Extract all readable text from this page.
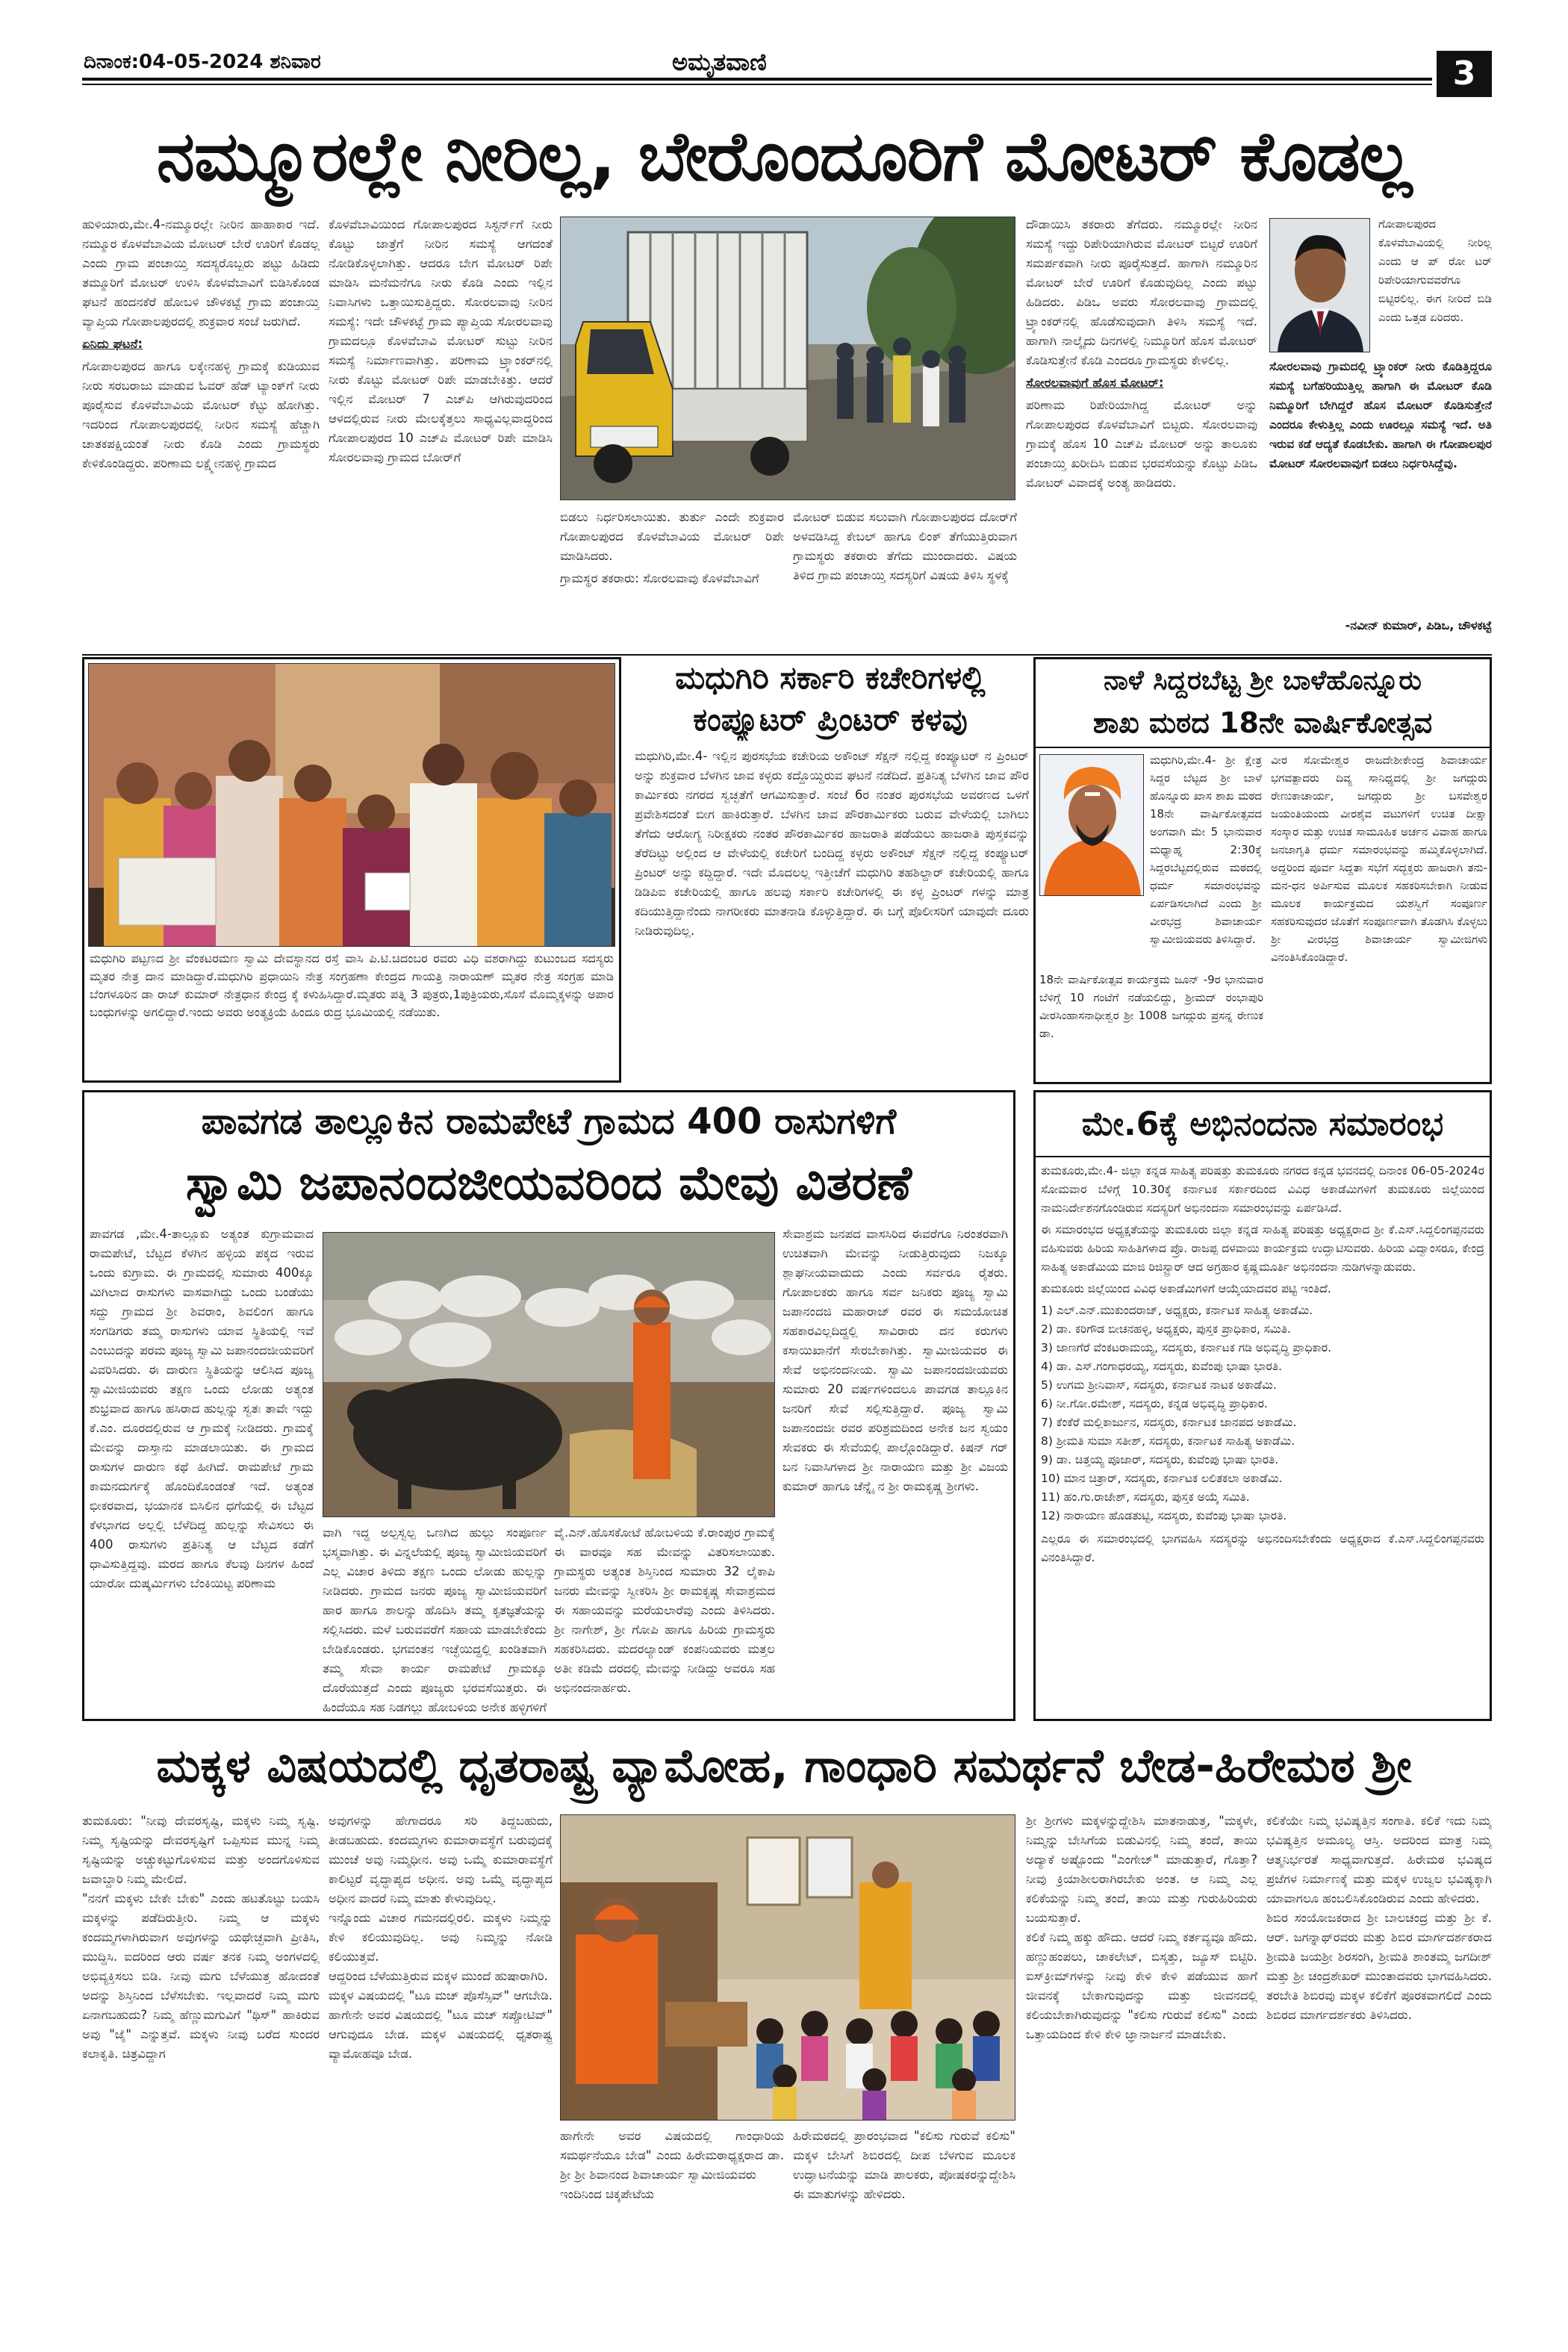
ದಿನಾಂಕ:04-05-2024 ಶನಿವಾರ	ಅಮೃತವಾಣಿ	3
ನಮ್ಮೂರಲ್ಲೇ ನೀರಿಲ್ಲ, ಬೇರೊಂದೂರಿಗೆ ಮೋಟರ್ ಕೊಡಲ್ಲ

ಹುಳಿಯಾರು,ಮೇ.4-ನಮ್ಮೂರಲ್ಲೇ ನೀರಿನ ಹಾಹಾಕಾರ ಇದೆ. ನಮ್ಮೂರ ಕೊಳವೆಬಾವಿಯ ಮೋಟರ್ ಬೇರೆ ಊರಿಗೆ ಕೊಡಲ್ಲ ಎಂದು ಗ್ರಾಮ ಪಂಚಾಯ್ತಿ ಸದಸ್ಯರೊಬ್ಬರು ಪಟ್ಟು ಹಿಡಿದು ತಮ್ಮೂರಿಗೆ ಮೋಟರ್ ಉಳಿಸಿ ಕೊಳವೆಬಾವಿಗೆ ಬಿಡಿಸಿಕೊಂಡ ಘಟನೆ ಹಂದನಕೆರೆ ಹೋಬಳಿ ಚೌಳಕಟ್ಟೆ ಗ್ರಾಮ ಪಂಚಾಯ್ತಿ ವ್ಯಾಪ್ತಿಯ ಗೋಪಾಲಪುರದಲ್ಲಿ ಶುಕ್ರವಾರ ಸಂಜೆ ಜರುಗಿದೆ.

ಏನಿದು ಘಟನೆ:

ಗೋಪಾಲಪುರದ ಹಾಗೂ ಲಕ್ಕೇನಹಳ್ಳಿ ಗ್ರಾಮಕ್ಕೆ ಕುಡಿಯುವ ನೀರು ಸರಬರಾಜು ಮಾಡುವ ಓವರ್ ಹೆಡ್ ಟ್ಯಾಂಕ್‌ಗೆ ನೀರು ಪೂರೈಸುವ ಕೊಳವೆಬಾವಿಯ ಮೋಟರ್ ಕೆಟ್ಟು ಹೋಗಿತ್ತು. ಇದರಿಂದ ಗೋಪಾಲಪುರದಲ್ಲಿ ನೀರಿನ ಸಮಸ್ಯೆ ಹೆಚ್ಚಾಗಿ ಚಾತಕಪಕ್ಷಿಯಂತೆ ನೀರು ಕೊಡಿ ಎಂದು ಗ್ರಾಮಸ್ಥರು ಕೇಳಿಕೊಂಡಿದ್ದರು. ಪರಿಣಾಮ ಲಕ್ಷ್ಮೇನಹಳ್ಳಿ ಗ್ರಾಮದ

ಕೊಳವೆಬಾವಿಯಿಂದ ಗೋಪಾಲಪುರದ ಸಿಸ್ಟರ್ನ್‌ಗೆ ನೀರು ಕೊಟ್ಟು ಜಾತ್ರೆಗೆ ನೀರಿನ ಸಮಸ್ಯೆ ಆಗದಂತೆ ನೋಡಿಕೊಳ್ಳಲಾಗಿತ್ತು. ಆದರೂ ಬೇಗ ಮೋಟರ್ ರಿಪೇ ಮಾಡಿಸಿ ಮನೆಮನೆಗೂ ನೀರು ಕೊಡಿ ಎಂದು ಇಲ್ಲಿನ ನಿವಾಸಿಗಳು ಒತ್ತಾಯಿಸುತ್ತಿದ್ದರು. ಸೋರಲವಾವು ನೀರಿನ ಸಮಸ್ಯೆ: ಇದೇ ಚೌಳಕಟ್ಟೆ ಗ್ರಾಮ ಪ್ಯಾಪ್ತಿಯ ಸೋರಲವಾವು ಗ್ರಾಮದಲ್ಲೂ ಕೊಳವೆಬಾವಿ ಮೋಟರ್ ಸುಟ್ಟು ನೀರಿನ ಸಮಸ್ಯೆ ನಿರ್ಮಾಣವಾಗಿತ್ತು. ಪರಿಣಾಮ ಟ್ರ್ಯಾಂಕರ್‌ನಲ್ಲಿ ನೀರು ಕೊಟ್ಟು ಮೋಟರ್ ರಿಪೇ ಮಾಡಬೇಕಿತ್ತು. ಆದರೆ ಇಲ್ಲಿನ ಮೋಟರ್ 7 ಎಚ್‌ಪಿ ಆಗಿರುವುದರಿಂದ ಆಳದಲ್ಲಿರುವ ನೀರು ಮೇಲಕ್ಕೆತ್ತಲು ಸಾಧ್ಯವಿಲ್ಲವಾದ್ದರಿಂದ ಗೋಪಾಲಪುರದ 10 ಎಚ್‌ಪಿ ಮೋಟರ್ ರಿಪೇ ಮಾಡಿಸಿ ಸೋರಲವಾವು ಗ್ರಾಮದ ಬೋರ್‌ಗೆ

ಬಿಡಲು ನಿರ್ಧರಿಸಲಾಯಿತು. ತುರ್ತು ಎಂದೇ ಶುಕ್ರವಾರ ಗೋಪಾಲಪುರದ ಕೊಳವೆಬಾವಿಯ ಮೋಟರ್ ರಿಪೇ ಮಾಡಿಸಿದರು.

ಗ್ರಾಮಸ್ಥರ ತಕರಾರು: ಸೋರಲವಾವು ಕೊಳವೆಬಾವಿಗೆ

ಮೋಟರ್ ಬಿಡುವ ಸಲುವಾಗಿ ಗೋಪಾಲಪುರದ ದೋರ್‌ಗೆ ಅಳವಡಿಸಿದ್ದ ಕೇಬಲ್ ಹಾಗೂ ಲಿಂಕ್ ತೆಗೆಯುತ್ತಿರುವಾಗ ಗ್ರಾಮಸ್ಥರು ತಕರಾರು ತೆಗೆದು ಮುಂದಾದರು. ವಿಷಯ ತಿಳಿದ ಗ್ರಾಮ ಪಂಚಾಯ್ತಿ ಸದಸ್ಯರಿಗೆ ವಿಷಯ ತಿಳಿಸಿ ಸ್ಥಳಕ್ಕೆ

ದೌಡಾಯಿಸಿ ತಕರಾರು ತೆಗೆದರು. ನಮ್ಮೂರಲ್ಲೇ ನೀರಿನ ಸಮಸ್ಯೆ ಇದ್ದು ರಿಪೇರಿಯಾಗಿರುವ ಮೋಟರ್ ಬಿಟ್ಟರೆ ಊರಿಗೆ ಸಮರ್ಪಕವಾಗಿ ನೀರು ಪೂರೈಸುತ್ತದೆ. ಹಾಗಾಗಿ ನಮ್ಮೂರಿನ ಮೋಟರ್ ಬೇರೆ ಊರಿಗೆ ಕೊಡುವುದಿಲ್ಲ ಎಂದು ಪಟ್ಟು ಹಿಡಿದರು. ಪಿಡಿಒ ಅವರು ಸೋರಲವಾವು ಗ್ರಾಮದಲ್ಲಿ ಟ್ರ್ಯಾಂಕರ್‌ನಲ್ಲಿ ಹೊಡೆಸುವುದಾಗಿ ತಿಳಿಸಿ ಸಮಸ್ಯೆ ಇದೆ. ಹಾಗಾಗಿ ನಾಲ್ಕೈದು ದಿನಗಳಲ್ಲಿ ನಿಮ್ಮೂರಿಗೆ ಹೊಸ ಮೋಟರ್ ಕೊಡಿಸುತ್ತೇನೆ ಕೊಡಿ ಎಂದರೂ ಗ್ರಾಮಸ್ಥರು ಕೇಳಲಿಲ್ಲ.

ಸೋರಲವಾವುಗೆ ಹೊಸ ಮೋಟರ್:

ಪರಿಣಾಮ ರಿಪೇರಿಯಾಗಿದ್ದ ಮೋಟರ್ ಅನ್ನು ಗೋಪಾಲಪುರದ ಕೊಳವೆಬಾವಿಗೆ ಬಿಟ್ಟರು. ಸೋರಲವಾವು ಗ್ರಾಮಕ್ಕೆ ಹೊಸ 10 ಎಚ್‌ಪಿ ಮೋಟರ್ ಅನ್ನು ತಾಲೂಕು ಪಂಚಾಯ್ತಿ ಖರೀದಿಸಿ ಬಿಡುವ ಭರವಸೆಯನ್ನು ಕೊಟ್ಟು ಪಿಡಿಒ ಮೋಟರ್ ವಿವಾದಕ್ಕೆ ಅಂತ್ಯ ಹಾಡಿದರು.

ಗೋಪಾಲಪುರದ ಕೊಳವೆಬಾವಿಯಲ್ಲಿ ನೀರಿಲ್ಲ ಎಂದು ಆ ಪ್ ರೋ ಟರ್ ರಿಪೇರಿಯಾಗುವವರೆಗೂ ಬಿಟ್ಟಿರಲಿಲ್ಲ. ಈಗ ನೀರಿದೆ ಬಿಡಿ ಎಂದು ಒತ್ತಡ ಏರಿದರು.

ಸೋರಲವಾವು ಗ್ರಾಮದಲ್ಲಿ ಟ್ರ್ಯಾಂಕರ್ ನೀರು ಕೊಡಿತ್ತಿದ್ದರೂ ಸಮಸ್ಯೆ ಬಗೆಹರಿಯುತ್ತಿಲ್ಲ ಹಾಗಾಗಿ ಈ ಮೋಟರ್ ಕೊಡಿ ನಿಮ್ಮೂರಿಗೆ ಬೇಗಿದ್ದರೆ ಹೊಸ ಮೋಟರ್ ಕೊಡಿಸುತ್ತೇನೆ ಎಂದರೂ ಕೇಳುತ್ತಿಲ್ಲ ಎಂದು ಊರಲ್ಲೂ ಸಮಸ್ಯೆ ಇದೆ. ಅತಿ ಇರುವ ಕಡೆ ಆದ್ಯತೆ ಕೊಡಬೇಕು. ಹಾಗಾಗಿ ಈ ಗೋಪಾಲಪುರ ಮೋಟರ್ ಸೋರಲವಾವುಗೆ ಬಿಡಲು ನಿರ್ಧರಿಸಿದ್ದೆವು.

-ನವೀನ್ ಕುಮಾರ್, ಪಿಡಿಒ, ಚೌಳಕಟ್ಟೆ
ಮಧುಗಿರಿ ಪಟ್ಟಣದ ಶ್ರೀ ವೆಂಕಟರಮಣ ಸ್ವಾಮಿ ದೇವಸ್ಥಾನದ ರಸ್ತೆ ವಾಸಿ ಪಿ.ಟಿ.ಚಿದಂಬರ ರವರು ವಿಧಿ ವಶರಾಗಿದ್ದು ಕುಟುಂಬದ ಸದಸ್ಯರು ಮೃತರ ನೇತ್ರ ದಾನ ಮಾಡಿದ್ದಾರೆ.ಮಧುಗಿರಿ ಪ್ರಧಾಯಿನಿ ನೇತ್ರ ಸಂಗ್ರಹಣಾ ಕೇಂದ್ರದ ಗಾಯತ್ರಿ ನಾರಾಯಣ್ ಮೃತರ ನೇತ್ರ ಸಂಗ್ರಹ ಮಾಡಿ ಬೆಂಗಳೂರಿನ ಡಾ ರಾಜ್ ಕುಮಾರ್ ನೇತ್ರಧಾನ ಕೇಂದ್ರ ಕ್ಕೆ ಕಳುಹಿಸಿದ್ದಾರೆ.ಮೃತರು ಪತ್ನಿ 3 ಪುತ್ರರು,1ಪುತ್ರಿಯರು,ಸೊಸೆ ಮೊಮ್ಮಕ್ಕಳನ್ನು ಅಪಾರ ಬಂಧುಗಳನ್ನು ಅಗಲಿದ್ದಾರೆ.ಇಂದು ಅವರು ಅಂತ್ಯಕ್ರಿಯೆ ಹಿಂದೂ ರುದ್ರ ಭೂಮಿಯಲ್ಲಿ ನಡೆಯಿತು.
ಮಧುಗಿರಿ ಸರ್ಕಾರಿ ಕಚೇರಿಗಳಲ್ಲಿ
ಕಂಪ್ಯೂಟರ್ ಪ್ರಿಂಟರ್ ಕಳವು
ಮಧುಗಿರಿ,ಮೇ.4- ಇಲ್ಲಿನ ಪುರಸಭೆಯ ಕಚೇರಿಯ ಅಕೌಂಟ್ ಸೆಕ್ಷನ್ ನಲ್ಲಿದ್ದ ಕಂಪ್ಯೂಟರ್ ನ ಪ್ರಿಂಟರ್ ಅನ್ನು ಶುಕ್ರವಾರ ಬೆಳಗಿನ ಜಾವ ಕಳ್ಳರು ಕದ್ದೊಯ್ದಿರುವ ಘಟನೆ ನಡೆದಿದೆ. ಪ್ರತಿನಿತ್ಯ ಬೆಳಗಿನ ಜಾವ ಪೌರ ಕಾರ್ಮಿಕರು ನಗರದ ಸ್ವಚ್ಛತೆಗೆ ಆಗಮಿಸುತ್ತಾರೆ. ಸಂಜೆ 6ರ ನಂತರ ಪುರಸಭೆಯ ಅವರಣದ ಒಳಗೆ ಪ್ರವೇಶಿಸದಂತೆ ಬೀಗ ಹಾಕಿರುತ್ತಾರೆ. ಬೆಳಗಿನ ಜಾವ ಪೌರಕಾರ್ಮಿಕರು ಬರುವ ವೇಳೆಯಲ್ಲಿ ಬಾಗಿಲು ತೆಗೆದು ಆರೋಗ್ಯ ನಿರೀಕ್ಷಕರು ನಂತರ ಪೌರಕಾರ್ಮಿಕರ ಹಾಜರಾತಿ ಪಡೆಯಲು ಹಾಜರಾತಿ ಪುಸ್ತಕವನ್ನು ತೆರೆದಿಟ್ಟು ಅಲ್ಲಿಂದ ಆ ವೇಳೆಯಲ್ಲಿ ಕಚೇರಿಗೆ ಬಂದಿದ್ದ ಕಳ್ಳರು ಅಕೌಂಟ್ ಸೆಕ್ಷನ್ ನಲ್ಲಿದ್ದ ಕಂಪ್ಯೂಟರ್ ಪ್ರಿಂಟರ್ ಅನ್ನು ಕದ್ದಿದ್ದಾರೆ. ಇದೇ ಮೊದಲಲ್ಲ ಇತ್ತೀಚೆಗೆ ಮಧುಗಿರಿ ತಹಶಿಲ್ದಾರ್ ಕಚೇರಿಯಲ್ಲಿ ಹಾಗೂ ಡಿಡಿಪಿಐ ಕಚೇರಿಯಲ್ಲಿ ಹಾಗೂ ಹಲವು ಸರ್ಕಾರಿ ಕಚೇರಿಗಳಲ್ಲಿ ಈ ಕಳ್ಳ ಪ್ರಿಂಟರ್ ಗಳನ್ನು ಮಾತ್ರ ಕದಿಯುತ್ತಿದ್ದಾನೆಂದು ನಾಗರೀಕರು ಮಾತನಾಡಿ ಕೊಳ್ಳುತ್ತಿದ್ದಾರೆ. ಈ ಬಗ್ಗೆ ಪೊಲೀಸರಿಗೆ ಯಾವುದೇ ದೂರು ನೀಡಿರುವುದಿಲ್ಲ.
ನಾಳೆ ಸಿದ್ದರಬೆಟ್ಟ ಶ್ರೀ ಬಾಳೆಹೊನ್ನೂರು
ಶಾಖ ಮಠದ 18ನೇ ವಾರ್ಷಿಕೋತ್ಸವ
ಮಧುಗಿರಿ,ಮೇ.4- ಶ್ರೀ ಕ್ಷೇತ್ರ ಸಿದ್ದರ ಬೆಟ್ಟದ ಶ್ರೀ ಬಾಳೆ ಹೊನ್ನೂರು ಖಾಸ ಶಾಖ ಮಠದ 18ನೇ ವಾರ್ಷಿಕೋತ್ಸವದ ಅಂಗವಾಗಿ ಮೇ 5 ಭಾನುವಾರ ಮಧ್ಯಾಹ್ನ 2:30ಕ್ಕೆ ಸಿದ್ದರಬೆಟ್ಟದಲ್ಲಿರುವ ಮಠದಲ್ಲಿ ಧರ್ಮ ಸಮಾರಂಭವನ್ನು ಏರ್ಪಡಿಸಲಾಗಿದೆ ಎಂದು ಶ್ರೀ ವೀರಭದ್ರ ಶಿವಾಚಾರ್ಯ ಸ್ವಾಮೀಜಿಯವರು ತಿಳಿಸಿದ್ದಾರೆ.
18ನೇ ವಾರ್ಷಿಕೋತ್ಸವ ಕಾರ್ಯಕ್ರಮ ಜೂನ್ -9ರ ಭಾನುವಾರ ಬೆಳಿಗ್ಗೆ 10 ಗಂಟೆಗೆ ನಡೆಯಲಿದ್ದು, ಶ್ರೀಮದ್ ರಂಭಾಪುರಿ ವೀರಸಿಂಹಾಸನಾಧೀಶ್ವರ ಶ್ರೀ 1008 ಜಗದ್ಗುರು ಪ್ರಸನ್ನ ರೇಣುಕ ಡಾ.
ವೀರ ಸೋಮೇಶ್ವರ ರಾಜದೇಶೀಕೇಂದ್ರ ಶಿವಾಚಾರ್ಯ ಭಗವತ್ಪಾದರು ದಿವ್ಯ ಸಾನಿಧ್ಯದಲ್ಲಿ ಶ್ರೀ ಜಗದ್ಗುರು ರೇಣುಕಾಚಾರ್ಯ, ಜಗದ್ಗುರು ಶ್ರೀ ಬಸವೇಶ್ವರ ಜಯಂತಿಯಂದು ವೀರಶೈವ ವಟುಗಳಿಗೆ ಉಚಿತ ದೀಕ್ಷಾ ಸಂಸ್ಕಾರ ಮತ್ತು ಉಚಿತ ಸಾಮೂಹಿಕ ಅರ್ಚನ ವಿವಾಹ ಹಾಗೂ ಜನಜಾಗೃತಿ ಧರ್ಮ ಸಮಾರಂಭವನ್ನು ಹಮ್ಮಿಕೊಳ್ಳಲಾಗಿದೆ. ಅದ್ದರಿಂದ ಪೂರ್ವ ಸಿದ್ದತಾ ಸಭೆಗೆ ಸದ್ಭಕ್ತರು ಹಾಜರಾಗಿ ತನು-ಮನ-ಧನ ಅರ್ಪಿಸುವ ಮೂಲಕ ಸಹಕರಿಸಬೇಕಾಗಿ ನೀಡುವ ಮೂಲಕ ಕಾರ್ಯಕ್ರಮದ ಯಶಸ್ವಿಗೆ ಸಂಪೂರ್ಣ ಸಹಕರಿಸುವುದರ ಜೊತೆಗೆ ಸಂಪೂರ್ಣವಾಗಿ ತೊಡಗಿಸಿ ಕೊಳ್ಳಲು ಶ್ರೀ ವೀರಭದ್ರ ಶಿವಾಚಾರ್ಯ ಸ್ವಾಮೀಜಿಗಳು ವಿನಂತಿಸಿಕೊಂಡಿದ್ದಾರೆ.
ಪಾವಗಡ ತಾಲ್ಲೂಕಿನ ರಾಮಪೇಟೆ ಗ್ರಾಮದ 400 ರಾಸುಗಳಿಗೆ
ಸ್ವಾಮಿ ಜಪಾನಂದಜೀಯವರಿಂದ ಮೇವು ವಿತರಣೆ
ಪಾವಗಡ ,ಮೇ.4-ತಾಲ್ಲೂಕು ಅತ್ಯಂತ ಕುಗ್ರಾಮವಾದ ರಾಮಪೇಟೆ, ಬೆಟ್ಟದ ಕೆಳಗಿನ ಹಳ್ಳಿಯ ಪಕ್ಕದ ಇರುವ ಒಂದು ಕುಗ್ರಾಮ. ಈ ಗ್ರಾಮದಲ್ಲಿ ಸುಮಾರು 400ಕ್ಕೂ ಮಿಗಿಲಾದ ರಾಸುಗಳು ವಾಸವಾಗಿದ್ದು ಒಂದು ಬಂಡೆಯು ಸದ್ದು ಗ್ರಾಮದ ಶ್ರೀ ಶಿವರಾಂ, ಶಿವಲಿಂಗ ಹಾಗೂ ಸಂಗಡಿಗರು ತಮ್ಮ ರಾಸುಗಳು ಯಾವ ಸ್ಥಿತಿಯಲ್ಲಿ ಇವೆ ಎಂಬುದನ್ನು ಪರಮ ಪೂಜ್ಯ ಸ್ವಾಮಿ ಜಪಾನಂದಜೀಯವರಿಗೆ ವಿವರಿಸಿದರು. ಈ ದಾರುಣ ಸ್ಥಿತಿಯನ್ನು ಆಲಿಸಿದ ಪೂಜ್ಯ ಸ್ವಾಮೀಜಿಯವರು ತಕ್ಷಣ ಒಂದು ಲೋಡು ಅತ್ಯಂತ ಶುಭ್ರವಾದ ಹಾಗೂ ಹಸಿರಾದ ಹುಲ್ಲನ್ನು ಸ್ವತಃ ತಾವೇ ಇದ್ದು ಕೆ.ಎಂ. ದೂರದಲ್ಲಿರುವ ಆ ಗ್ರಾಮಕ್ಕೆ ನೀಡಿದರು. ಗ್ರಾಮಕ್ಕೆ ಮೇವನ್ನು ದಾಸ್ತಾನು ಮಾಡಲಾಯಿತು. ಈ ಗ್ರಾಮದ ರಾಸುಗಳ ದಾರುಣ ಕಥೆ ಹೀಗಿದೆ. ರಾಮಪೇಟೆ ಗ್ರಾಮ ಕಾಮನದುರ್ಗಕ್ಕೆ ಹೊಂದಿಕೊಂಡಂತೆ ಇದೆ. ಅತ್ಯಂತ ಭೀಕರವಾದ, ಭಯಾನಕ ಬಿಸಿಲಿನ ಧಗೆಯಲ್ಲಿ ಈ ಬೆಟ್ಟದ ಕೆಳಭಾಗದ ಅಲ್ಲಲ್ಲಿ ಬೆಳೆದಿದ್ದ ಹುಲ್ಲನ್ನು ಸೇವಿಸಲು ಈ 400 ರಾಸುಗಳು ಪ್ರತಿನಿತ್ಯ ಆ ಬೆಟ್ಟದ ಕಡೆಗೆ ಧಾವಿಸುತ್ತಿದ್ದವು. ಮರದ ಹಾಗೂ ಕೆಲವು ದಿನಗಳ ಹಿಂದೆ ಯಾರೋ ದುಷ್ಕರ್ಮಿಗಳು ಬೆಂಕಿಯಿಟ್ಟ ಪರಿಣಾಮ
ವಾಗಿ ಇದ್ದ ಅಲ್ಪಸ್ವಲ್ಪ ಒಣಗಿದ ಹುಲ್ಲು ಸಂಪೂರ್ಣ ಭಸ್ಮವಾಗಿತ್ತು. ಈ ವಿನ್ನಲೆಯಲ್ಲಿ ಪೂಜ್ಯ ಸ್ವಾಮೀಜಿಯವರಿಗೆ ಎಲ್ಲ ವಿಚಾರ ತಿಳಿದು ತಕ್ಷಣ ಒಂದು ಲೋಡು ಹುಲ್ಲನ್ನು ನೀಡಿದರು. ಗ್ರಾಮದ ಜನರು ಪೂಜ್ಯ ಸ್ವಾಮೀಜಿಯವರಿಗೆ ಹಾರ ಹಾಗೂ ಶಾಲನ್ನು ಹೊದಿಸಿ ತಮ್ಮ ಕೃತಜ್ಞತೆಯನ್ನು ಸಲ್ಲಿಸಿದರು. ಮಳೆ ಬರುವವರೆಗೆ ಸಹಾಯ ಮಾಡಬೇಕೆಂದು ಬೇಡಿಕೊಂಡರು. ಭಗವಂತನ ಇಚ್ಛೆಯಿದ್ದಲ್ಲಿ ಖಂಡಿತವಾಗಿ ತಮ್ಮ ಸೇವಾ ಕಾರ್ಯ ರಾಮಪೇಟೆ ಗ್ರಾಮಕ್ಕೂ ದೊರೆಯುತ್ತದೆ ಎಂದು ಪೂಜ್ಯರು ಭರವಸೆಯಿತ್ತರು. ಈ ಹಿಂದೆಯೂ ಸಹ ನಿಡಗಲ್ಲು ಹೋಬಳಿಯ ಅನೇಕ ಹಳ್ಳಿಗಳಿಗೆ
ವೈ.ಎನ್.ಹೊಸಕೋಟೆ ಹೋಬಳಿಯ ಕೆ.ರಾಂಪುರ ಗ್ರಾಮಕ್ಕೆ ಈ ವಾರವೂ ಸಹ ಮೇವನ್ನು ವಿತರಿಸಲಾಯಿತು. ಗ್ರಾಮಸ್ಥರು ಅತ್ಯಂತ ಶಿಸ್ತಿನಿಂದ ಸುಮಾರು 32 ಲೈಕಾಪಿ ಜನರು ಮೇವನ್ನು ಸ್ವೀಕರಿಸಿ ಶ್ರೀ ರಾಮಕೃಷ್ಣ ಸೇವಾಶ್ರಮದ ಈ ಸಹಾಯವನ್ನು ಮರೆಯಲಾರೆವು ಎಂದು ತಿಳಿಸಿದರು. ಶ್ರೀ ನಾಗೇಶ್, ಶ್ರೀ ಗೋಪಿ ಹಾಗೂ ಹಿರಿಯ ಗ್ರಾಮಸ್ಥರು ಸಹಕರಿಸಿದರು. ಮದರಲ್ಯಾಂಡ್ ಕಂಪನಿಯವರು ಮತ್ತಲ ಅತೀ ಕಡಿಮೆ ದರದಲ್ಲಿ ಮೇವನ್ನು ನೀಡಿದ್ದು ಅವರೂ ಸಹ ಅಭಿನಂದನಾರ್ಹರು.
ಸೇವಾಶ್ರಮ ಜನಪದ ವಾಸಸಿರಿದ ಈವರೆಗೂ ನಿರಂತರವಾಗಿ ಉಚಿತವಾಗಿ ಮೇವನ್ನು ನೀಡುತ್ತಿರುವುದು ನಿಜಕ್ಕೂ ಶ್ಲಾಘನೀಯವಾದುದು ಎಂದು ಸರ್ವರೂ ರೈತರು. ಗೋಪಾಲಕರು ಹಾಗೂ ಸರ್ವ ಜನಿಕರು ಪೂಜ್ಯ ಸ್ವಾಮಿ ಜಪಾನಂದಜಿ ಮಹಾರಾಜ್ ರವರ ಈ ಸಮಯೋಚಿತ ಸಹಕಾರವಿಲ್ಲದಿದ್ದಲ್ಲಿ ಸಾವಿರಾರು ದನ ಕರುಗಳು ಕಸಾಯಿಖಾನೆಗೆ ಸೇರಬೇಕಾಗಿತ್ತು. ಸ್ವಾಮೀಜಿಯವರ ಈ ಸೇವೆ ಅಭಿನಂದನೀಯ. ಸ್ವಾಮಿ ಜಪಾನಂದಜೀಯವರು ಸುಮಾರು 20 ವರ್ಷಗಳಿಂದಲೂ ಪಾವಗಡ ತಾಲ್ಲೂಕಿನ ಜನರಿಗೆ ಸೇವೆ ಸಲ್ಲಿಸುತ್ತಿದ್ದಾರೆ. ಪೂಜ್ಯ ಸ್ವಾಮಿ ಜಪಾನಂದಜೀ ರವರ ಪರಿಶ್ರಮದಿಂದ ಅನೇಕ ಜನ ಸ್ವಯಂ ಸೇವಕರು ಈ ಸೇವೆಯಲ್ಲಿ ಪಾಲ್ಗೊಂಡಿದ್ದಾರೆ. ಕಿಷನ್ ಗರ್ ಬನ ನಿವಾಸಿಗಳಾದ ಶ್ರೀ ನಾರಾಯಣ ಮತ್ತು ಶ್ರೀ ವಿಜಯ ಕುಮಾರ್ ಹಾಗೂ ಚೆನ್ನೈ ನ ಶ್ರೀ ರಾಮಕೃಷ್ಣ ಶ್ರೀಗಳು.
ಮೇ.6ಕ್ಕೆ ಅಭಿನಂದನಾ ಸಮಾರಂಭ

ತುಮಕೂರು,ಮೇ.4- ಜಿಲ್ಲಾ ಕನ್ನಡ ಸಾಹಿತ್ಯ ಪರಿಷತ್ತು ತುಮಕೂರು ನಗರದ ಕನ್ನಡ ಭವನದಲ್ಲಿ ದಿನಾಂಕ 06-05-2024ರ ಸೋಮವಾರ ಬೆಳಿಗ್ಗೆ 10.30ಕ್ಕೆ ಕರ್ನಾಟಕ ಸರ್ಕಾರದಿಂದ ವಿವಿಧ ಅಕಾಡೆಮಿಗಳಿಗೆ ತುಮಕೂರು ಜಿಲ್ಲೆಯಿಂದ ನಾಮನಿರ್ದೇಶನಗೊಂಡಿರುವ ಸದಸ್ಯರಿಗೆ ಅಭಿನಂದನಾ ಸಮಾರಂಭವನ್ನು ಏರ್ಪಡಿಸಿದೆ.

ಈ ಸಮಾರಂಭದ ಅಧ್ಯಕ್ಷತೆಯನ್ನು ತುಮಕೂರು ಜಿಲ್ಲಾ ಕನ್ನಡ ಸಾಹಿತ್ಯ ಪರಿಷತ್ತು ಅಧ್ಯಕ್ಷರಾದ ಶ್ರೀ ಕೆ.ಎಸ್.ಸಿದ್ದಲಿಂಗಪ್ಪನವರು ವಹಿಸುವರು ಹಿರಿಯ ಸಾಹಿತಿಗಳಾದ ಪ್ರೊ. ರಾಜಪ್ಪ ದಳವಾಯಿ ಕಾರ್ಯಕ್ರಮ ಉದ್ಘಾಟಿಸುವರು. ಹಿರಿಯ ವಿದ್ವಾಂಸರೂ, ಕೇಂದ್ರ ಸಾಹಿತ್ಯ ಅಕಾಡೆಮಿಯ ಮಾಜಿ ರಿಜಿಸ್ಟ್ರಾರ್ ಆದ ಅಗ್ರಹಾರ ಕೃಷ್ಣಮೂರ್ತಿ ಅಭಿನಂದನಾ ನುಡಿಗಳನ್ನಾಡುವರು.

ತುಮಕೂರು ಜಿಲ್ಲೆಯಿಂದ ವಿವಿಧ ಅಕಾಡೆಮಿಗಳಿಗೆ ಆಯ್ಕೆಯಾದವರ ಪಟ್ಟಿ ಇಂತಿದೆ.

1) ಎಲ್.ಎನ್.ಮುಕುಂದರಾಜ್, ಅಧ್ಯಕ್ಷರು, ಕರ್ನಾಟಕ ಸಾಹಿತ್ಯ ಅಕಾಡೆಮಿ.
2) ಡಾ. ಕರಿಗೌಡ ಬೀಚನಹಳ್ಳಿ, ಅಧ್ಯಕ್ಷರು, ಪುಸ್ತಕ ಪ್ರಾಧಿಕಾರ, ಸಮಿತಿ.
3) ಜಾಣಗೆರೆ ವೆಂಕಟರಾಮಯ್ಯ, ಸದಸ್ಯರು, ಕರ್ನಾಟಕ ಗಡಿ ಅಭಿವೃದ್ಧಿ ಪ್ರಾಧಿಕಾರ.
4) ಡಾ. ಎಸ್.ಗಂಗಾಧರಯ್ಯ, ಸದಸ್ಯರು, ಕುವೆಂಪು ಭಾಷಾ ಭಾರತಿ.
5) ಉಗಮ ಶ್ರೀನಿವಾಸ್, ಸದಸ್ಯರು, ಕರ್ನಾಟಕ ನಾಟಕ ಅಕಾಡೆಮಿ.
6) ನೀ.ಗೋ.ರಮೇಶ್, ಸದಸ್ಯರು, ಕನ್ನಡ ಅಭಿವೃದ್ಧಿ ಪ್ರಾಧಿಕಾರ.
7) ಕೆಂಕೆರೆ ಮಲ್ಲಿಕಾರ್ಜುನ, ಸದಸ್ಯರು, ಕರ್ನಾಟಕ ಜಾನಪದ ಅಕಾಡೆಮಿ.
8) ಶ್ರೀಮತಿ ಸುಮಾ ಸತೀಶ್, ಸದಸ್ಯರು, ಕರ್ನಾಟಕ ಸಾಹಿತ್ಯ ಅಕಾಡೆಮಿ.
9) ಡಾ. ಚಿತ್ತಯ್ಯ ಪೂಜಾರ್, ಸದಸ್ಯರು, ಕುವೆಂಪು ಭಾಷಾ ಭಾರತಿ.
10) ಮಾನ ಚಿತ್ರಾರ್, ಸದಸ್ಯರು, ಕರ್ನಾಟಕ ಲಲಿತಕಲಾ ಅಕಾಡೆಮಿ.
11) ಹಂ.ಗು.ರಾಜೇಶ್, ಸದಸ್ಯರು, ಪುಸ್ತಕ ಅಯ್ಕೆ ಸಮಿತಿ.
12) ನಾರಾಯಣ ಹೊಡತುಟ್ಟಿ, ಸದಸ್ಯರು, ಕುವೆಂಪು ಭಾಷಾ ಭಾರತಿ.

ಎಲ್ಲರೂ ಈ ಸಮಾರಂಭದಲ್ಲಿ ಭಾಗವಹಿಸಿ ಸದಸ್ಯರನ್ನು ಅಭಿನಂದಿಸಬೇಕೆಂದು ಅಧ್ಯಕ್ಷರಾದ ಕೆ.ಎಸ್.ಸಿದ್ದಲಿಂಗಪ್ಪನವರು ವಿನಂತಿಸಿದ್ದಾರೆ.

ಮಕ್ಕಳ ವಿಷಯದಲ್ಲಿ ಧೃತರಾಷ್ಟ್ರ ವ್ಯಾಮೋಹ, ಗಾಂಧಾರಿ ಸಮರ್ಥನೆ ಬೇಡ-ಹಿರೇಮಠ ಶ್ರೀ
ತುಮಕೂರು: "ನೀವು ದೇವರಸೃಷ್ಟಿ, ಮಕ್ಕಳು ನಿಮ್ಮ ಸೃಷ್ಟಿ. ನಿಮ್ಮ ಸೃಷ್ಟಿಯನ್ನು ದೇವರಸೃಷ್ಟಿಗೆ ಒಪ್ಪಿಸುವ ಮುನ್ನ ನಿಮ್ಮ ಸೃಷ್ಟಿಯನ್ನು ಅಚ್ಚುಕಟ್ಟುಗೊಳಿಸುವ ಮತ್ತು ಅಂದಗೊಳಿಸುವ ಜವಾಬ್ದಾರಿ ನಿಮ್ಮ ಮೇಲಿದೆ.
"ನನಗೆ ಮಕ್ಕಳು ಬೇಕೇ ಬೇಕು" ಎಂದು ಹಟತೊಟ್ಟು ಬಯಸಿ ಮಕ್ಕಳನ್ನು ಪಡೆದಿರುತ್ತೀರಿ. ನಿಮ್ಮ ಆ ಮಕ್ಕಳು ಕಂದಮ್ಮಗಳಾಗಿರುವಾಗ ಅವುಗಳನ್ನು ಯಥೇಚ್ಛವಾಗಿ ಪ್ರೀತಿಸಿ, ಮುದ್ದಿಸಿ. ಐದರಿಂದ ಆರು ವರ್ಷ ತನಕ ನಿಮ್ಮ ಅಂಗಳದಲ್ಲಿ ಅಭಿವ್ಯಕ್ತಿಸಲು ಬಿಡಿ. ನೀವು ಮಗು ಬೆಳೆಯುತ್ತ ಹೋದಂತೆ ಅದನ್ನು ಶಿಸ್ತಿನಿಂದ ಬೆಳೆಸಬೇಕು. ಇಲ್ಲವಾದರೆ ನಿಮ್ಮ ಮಗು ಏನಾಗಬಹುದು? ನಿಮ್ಮ ಹೆಣ್ಣುಮಗುವಿಗೆ "ಥಿಸ್" ಹಾಕಿರುವ ಅವು "ಜೈ" ಎನ್ನುತ್ತವೆ. ಮಕ್ಕಳು ನೀವು ಬರೆದ ಸುಂದರ ಕಲಾಕೃತಿ. ಚಿತ್ರವಿದ್ದಾಗ
ಅವುಗಳನ್ನು ಹೇಗಾದರೂ ಸರಿ ತಿದ್ದಬಹುದು, ತೀಡಬಹುದು. ಕಂದಮ್ಮಗಳು ಕುಮಾರಾವಸ್ಥೆಗೆ ಬರುವುದಕ್ಕೆ ಮುಂಚೆ ಅವು ನಿಮ್ಮಧೀನ. ಅವು ಒಮ್ಮೆ ಕುಮಾರಾವಸ್ಥೆಗೆ ಕಾಲಿಟ್ಟರೆ ವೃದ್ಧಾಪ್ಯದ ಅಧೀನ. ಅವು ಒಮ್ಮೆ ವೃದ್ಧಾಪ್ಯದ ಅಧೀನ ವಾದರೆ ನಿಮ್ಮ ಮಾತು ಕೇಳುವುದಿಲ್ಲ.
ಇನ್ನೊಂದು ವಿಚಾರ ಗಮನದಲ್ಲಿರಲಿ. ಮಕ್ಕಳು ನಿಮ್ಮನ್ನು ಕೇಳಿ ಕಲಿಯುವುದಿಲ್ಲ. ಅವು ನಿಮ್ಮನ್ನು ನೋಡಿ ಕಲಿಯುತ್ತವೆ.
ಆದ್ದರಿಂದ ಬೆಳೆಯುತ್ತಿರುವ ಮಕ್ಕಳ ಮುಂದೆ ಹುಷಾರಾಗಿರಿ.
ಮಕ್ಕಳ ವಿಷಯದಲ್ಲಿ "ಟೂ ಮಚ್ ಪೊಸೆಸ್ಸಿವ್" ಆಗಬೇಡಿ. ಹಾಗೇನೇ ಅವರ ವಿಷಯದಲ್ಲಿ "ಟೂ ಮಚ್ ಸಪ್ಪೋಟಿವ್" ಆಗುವುದೂ ಬೇಡ. ಮಕ್ಕಳ ವಿಷಯದಲ್ಲಿ ಧೃತರಾಷ್ಟ್ರ ವ್ಯಾಮೋಹವೂ ಬೇಡ.
ಹಾಗೇನೇ ಅವರ ವಿಷಯದಲ್ಲಿ ಗಾಂಧಾರಿಯ ಸಮರ್ಥನೆಯೂ ಬೇಡ" ಎಂದು ಹಿರೇಮಠಾಧ್ಯಕ್ಷರಾದ ಡಾ. ಶ್ರೀ ಶ್ರೀ ಶಿವಾನಂದ ಶಿವಾಚಾರ್ಯ ಸ್ವಾಮೀಜಿಯವರು
ಇಂದಿನಿಂದ ಚಿಕ್ಕಪೇಟೆಯ
ಹಿರೇಮಠದಲ್ಲಿ ಪ್ರಾರಂಭವಾದ "ಕಲಿಸು ಗುರುವೆ ಕಲಿಸು" ಮಕ್ಕಳ ಬೇಸಿಗೆ ಶಿಬಿರದಲ್ಲಿ ದೀಪ ಬೆಳಗುವ ಮೂಲಕ ಉದ್ಘಾಟನೆಯನ್ನು ಮಾಡಿ ಪಾಲಕರು, ಪೋಷಕರನ್ನುದ್ದೇಶಿಸಿ ಈ ಮಾತುಗಳನ್ನು ಹೇಳಿದರು.
ಶ್ರೀ ಶ್ರೀಗಳು ಮಕ್ಕಳನ್ನುದ್ದೇಶಿಸಿ ಮಾತನಾಡುತ್ತ, "ಮಕ್ಕಳೇ, ನಿಮ್ಮನ್ನು ಬೇಸಿಗೆಯ ಬಿಡುವಿನಲ್ಲಿ ನಿಮ್ಮ ತಂದೆ, ತಾಯಿ ಅದ್ಯಾಕೆ ಅಷ್ಟೊಂದು "ಎಂಗೇಜ್" ಮಾಡುತ್ತಾರೆ, ಗೊತ್ತಾ? ನೀವು ಕ್ರಿಯಾಶೀಲರಾಗಿರಬೇಕು ಅಂತ. ಆ ನಿಮ್ಮ ಎಲ್ಲ ಕಲಿಕೆಯನ್ನು ನಿಮ್ಮ ತಂದೆ, ತಾಯಿ ಮತ್ತು ಗುರುಹಿರಿಯರು ಬಯಸುತ್ತಾರೆ.
ಕಲಿಕೆ ನಿಮ್ಮ ಹಕ್ಕು ಹೌದು. ಆದರೆ ನಿಮ್ಮ ಕರ್ತವ್ಯವೂ ಹೌದು. ಹಣ್ಣುಹಂಪಲು, ಚಾಕಲೇಟ್, ಬಿಸ್ಕತ್ತು, ಜ್ಯೂಸ್ ಬಿಟ್ಟಿರಿ. ಐಸ್‌ಕ್ರೀಮ್‌ಗಳನ್ನು ನೀವು ಕೇಳಿ ಕೇಳಿ ಪಡೆಯುವ ಹಾಗೆ ಜೀವನಕ್ಕೆ ಬೇಕಾಗುವುದನ್ನು ಮತ್ತು ಜೀವನದಲ್ಲಿ ಕಲಿಯಬೇಕಾಗಿರುವುದನ್ನು "ಕಲಿಸು ಗುರುವೆ ಕಲಿಸು" ಎಂದು ಒತ್ತಾಯದಿಂದ ಕೇಳಿ ಕೇಳಿ ಜ್ಞಾನಾರ್ಜನೆ ಮಾಡಬೇಕು.
ಕಲಿಕೆಯೇ ನಿಮ್ಮ ಭವಿಷ್ಯತ್ತಿನ ಸಂಗಾತಿ. ಕಲಿಕೆ ಇದು ನಿಮ್ಮ ಭವಿಷ್ಯತ್ತಿನ ಅಮೂಲ್ಯ ಆಸ್ತಿ. ಅದರಿಂದ ಮಾತ್ರ ನಿಮ್ಮ ಆತ್ಮನಿರ್ಭರತೆ ಸಾಧ್ಯವಾಗುತ್ತದೆ. ಹಿರೇಮಠ ಭವಿಷ್ಯದ ಪ್ರಜೆಗಳ ನಿರ್ಮಾಣಕ್ಕೆ ಮತ್ತು ಮಕ್ಕಳ ಉಜ್ವಲ ಭವಿಷ್ಯಕ್ಕಾಗಿ ಯಾವಾಗಲೂ ಹಂಬಲಿಸಿಕೊಂಡಿರುವ ಎಂದು ಹೇಳಿದರು.
ಶಿಬಿರ ಸಂಯೋಜಕರಾದ ಶ್ರೀ ಬಾಲಚಂದ್ರ ಮತ್ತು ಶ್ರೀ ಕೆ. ಆರ್. ಜಗನ್ನಾಥ್‌ರವರು ಮತ್ತು ಶಿಬಿರ ಮಾರ್ಗದರ್ಶಕರಾದ ಶ್ರೀಮತಿ ಜಯಶ್ರೀ ಶಿರಸಂಗಿ, ಶ್ರೀಮತಿ ಶಾಂತಮ್ಮ ಜಗದೀಶ್ ಮತ್ತು ಶ್ರೀ ಚಂದ್ರಶೇಖರ್ ಮುಂತಾದವರು ಭಾಗವಹಿಸಿದರು. ತರಬೇತಿ ಶಿಬಿರವು ಮಕ್ಕಳ ಕಲಿಕೆಗೆ ಪೂರಕವಾಗಲಿದೆ ಎಂದು ಶಿಬಿರದ ಮಾರ್ಗದರ್ಶಕರು ತಿಳಿಸಿದರು.
